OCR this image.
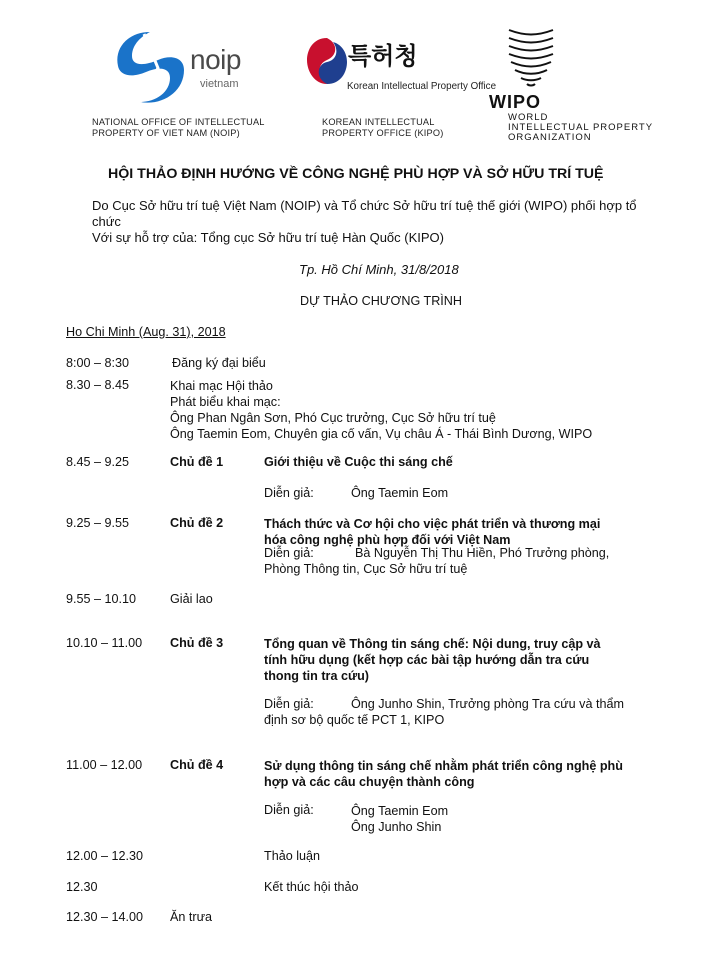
noip
vietnam
NATIONAL OFFICE OF INTELLECTUAL
PROPERTY OF VIET NAM (NOIP)
특허청
Korean Intellectual Property Office
KOREAN INTELLECTUAL
PROPERTY OFFICE (KIPO)
WIPO
WORLD
INTELLECTUAL PROPERTY
ORGANIZATION
HỘI THẢO ĐỊNH HƯỚNG VỀ CÔNG NGHỆ PHÙ HỢP VÀ SỞ HỮU TRÍ TUỆ
Do Cục Sở hữu trí tuệ Việt Nam (NOIP) và Tổ chức Sở hữu trí tuệ thế giới (WIPO) phối hợp tổ
chức
Với sự hỗ trợ của: Tổng cục Sở hữu trí tuệ Hàn Quốc (KIPO)
Tp. Hồ Chí Minh, 31/8/2018
DỰ THẢO CHƯƠNG TRÌNH
Ho Chi Minh (Aug. 31), 2018
8:00 – 8:30	Đăng ký đại biểu
8.30 – 8.45	Khai mạc Hội thảo
Phát biểu khai mạc:
Ông Phan Ngân Sơn, Phó Cục trưởng, Cục Sở hữu trí tuệ
Ông Taemin Eom, Chuyên gia cố vấn, Vụ châu Á - Thái Bình Dương, WIPO
8.45 – 9.25	Chủ đề 1	Giới thiệu về Cuộc thi sáng chế
Diễn giả:	Ông Taemin Eom
9.25 – 9.55	Chủ đề 2	Thách thức và Cơ hội cho việc phát triển và thương mại
hóa công nghệ phù hợp đối với Việt Nam
Diễn giả:	Bà Nguyễn Thị Thu Hiền, Phó Trưởng phòng,
Phòng Thông tin, Cục Sở hữu trí tuệ
9.55 – 10.10	Giải lao
10.10 – 11.00 Chủ đề 3	Tổng quan về Thông tin sáng chế: Nội dung, truy cập và
tính hữu dụng (kết hợp các bài tập hướng dẫn tra cứu
thong tin tra cứu)
Diễn giả:	Ông Junho Shin, Trưởng phòng Tra cứu và thẩm
định sơ bộ quốc tế PCT 1, KIPO
11.00 – 12.00 Chủ đề 4	Sử dụng thông tin sáng chế nhằm phát triển công nghệ phù
hợp và các câu chuyện thành công
Diễn giả:	Ông Taemin Eom
Ông Junho Shin
12.00 – 12.30	Thảo luận
12.30	Kết thúc hội thảo
12.30 – 14.00 Ăn trưa
